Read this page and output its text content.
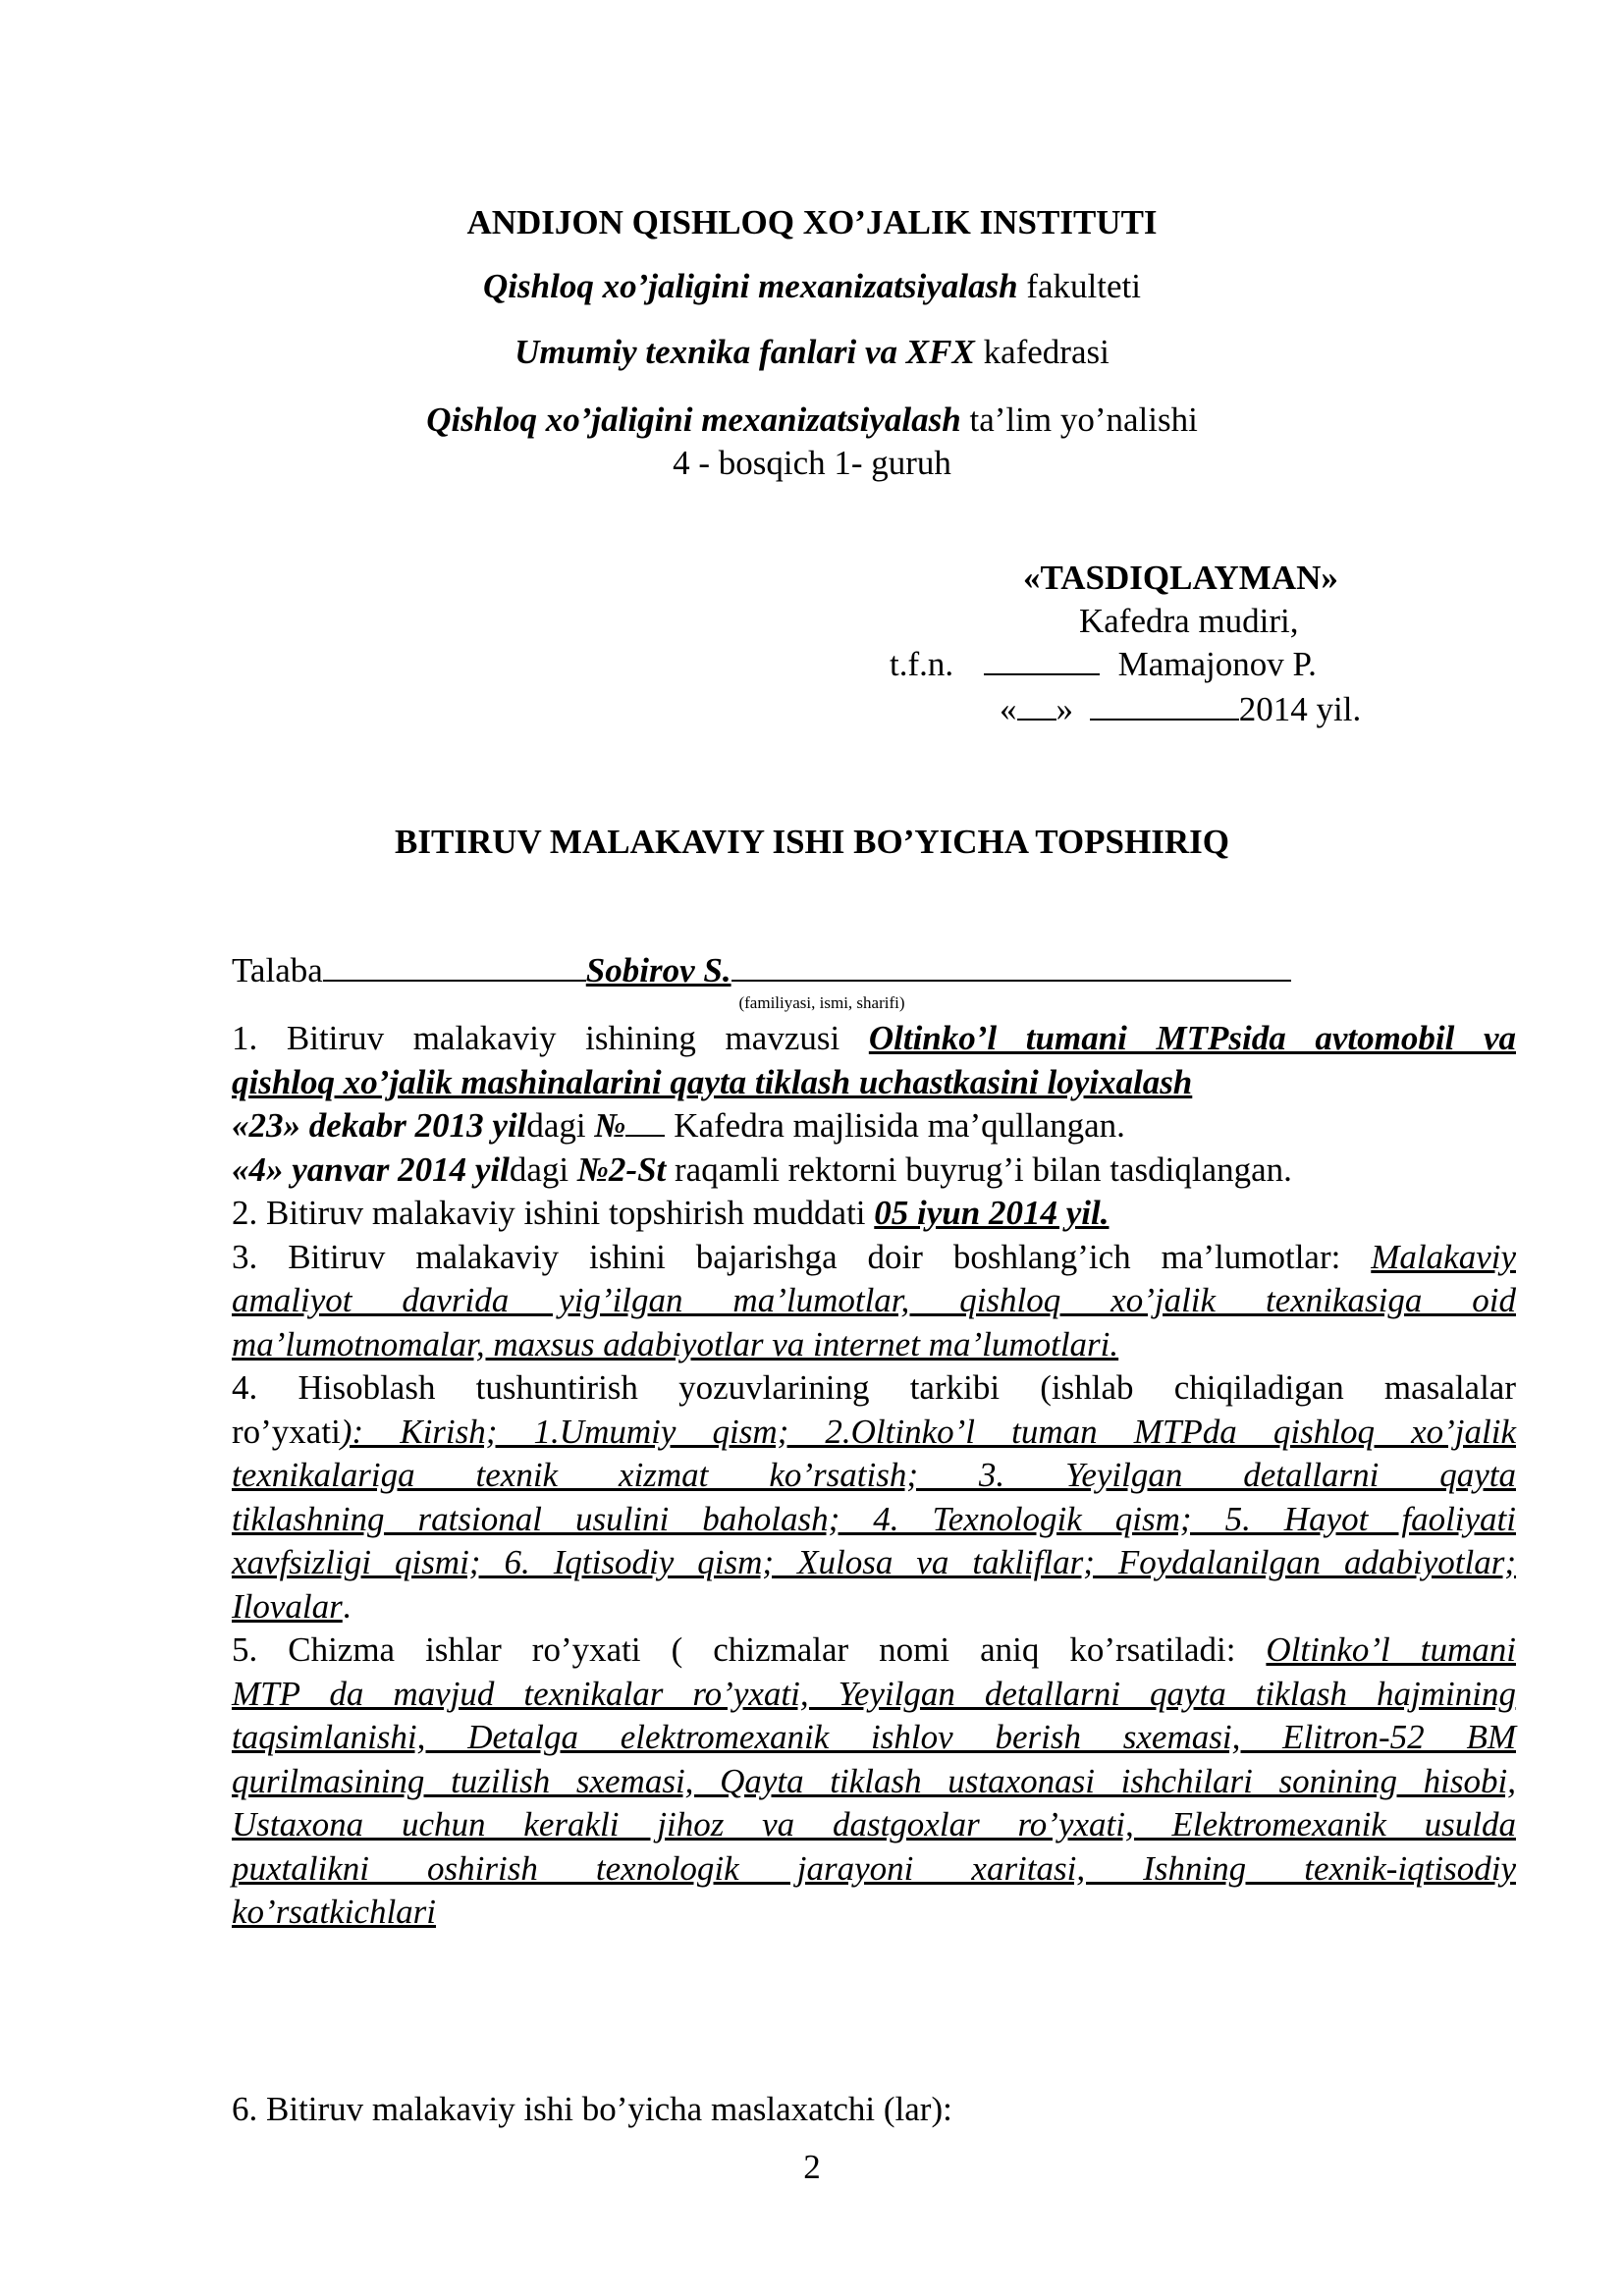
ANDIJON QISHLOQ XO’JALIK INSTITUTI
Qishloq xo’jaligini mexanizatsiyalash fakulteti
Umumiy texnika fanlari va XFX kafedrasi
Qishloq xo’jaligini mexanizatsiyalash ta’lim yo’nalishi
4 - bosqich 1- guruh
«TASDIQLAYMAN»
Kafedra mudiri,
t.f.n.	Mamajonov P.
« »	2014 yil.
BITIRUV MALAKAVIY ISHI BO’YICHA TOPSHIRIQ
Talaba	Sobirov S.
(familiyasi, ismi, sharifi)
1. Bitiruv malakaviy ishining mavzusi Oltinko’l tumani MTPsida avtomobil va
qishloq xo’jalik mashinalarini qayta tiklash uchastkasini loyixalash
«23» dekabr 2013 yildagi № Kafedra majlisida ma’qullangan.
«4» yanvar 2014 yildagi №2-St raqamli rektorni buyrug’i bilan tasdiqlangan.
2. Bitiruv malakaviy ishini topshirish muddati 05 iyun 2014 yil.
3. Bitiruv malakaviy ishini bajarishga doir boshlang’ich ma’lumotlar: Malakaviy
amaliyot davrida yig’ilgan ma’lumotlar, qishloq xo’jalik texnikasiga oid
ma’lumotnomalar, maxsus adabiyotlar va internet ma’lumotlari.
4. Hisoblash tushuntirish yozuvlarining tarkibi (ishlab chiqiladigan masalalar
ro’yxati): Kirish; 1.Umumiy qism; 2.Oltinko’l tuman MTPda qishloq xo’jalik
texnikalariga texnik xizmat ko’rsatish; 3. Yeyilgan detallarni qayta
tiklashning ratsional usulini baholash; 4. Texnologik qism; 5. Hayot faoliyati
xavfsizligi qismi; 6. Iqtisodiy qism; Xulosa va takliflar; Foydalanilgan adabiyotlar;
Ilovalar.
5. Chizma ishlar ro’yxati ( chizmalar nomi aniq ko’rsatiladi: Oltinko’l tumani
MTP da mavjud texnikalar ro’yxati, Yeyilgan detallarni qayta tiklash hajmining
taqsimlanishi, Detalga elektromexanik ishlov berish sxemasi, Elitron-52 BM
qurilmasining tuzilish sxemasi, Qayta tiklash ustaxonasi ishchilari sonining hisobi,
Ustaxona uchun kerakli jihoz va dastgoxlar ro’yxati, Elektromexanik usulda
puxtalikni oshirish texnologik jarayoni xaritasi, Ishning texnik-iqtisodiy
ko’rsatkichlari
6. Bitiruv malakaviy ishi bo’yicha maslaxatchi (lar):
2
